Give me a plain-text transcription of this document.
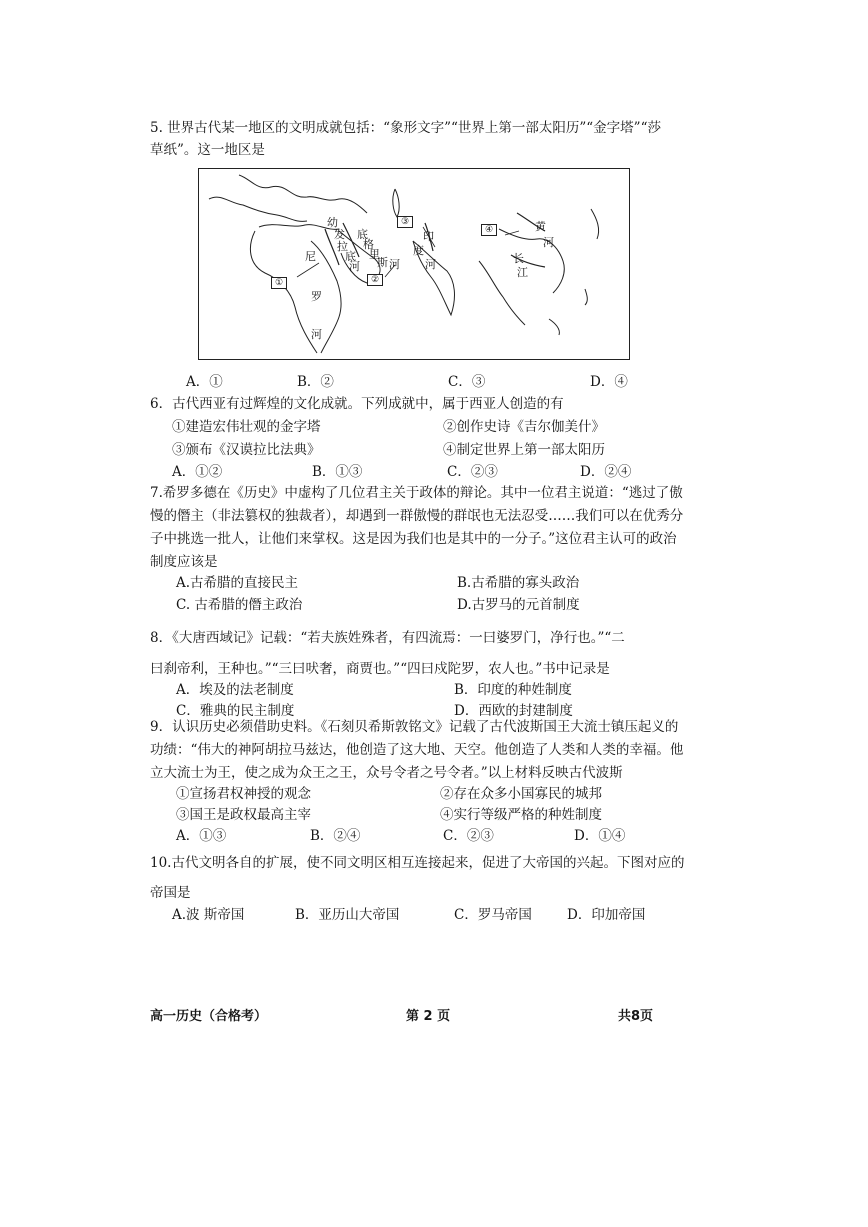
5. 世界古代某一地区的文明成就包括：“象形文字”“世界上第一部太阳历”“金字塔”“莎
草纸”。这一地区是
①	②
③
④
幼
发
拉
底
河
底
格
里
斯 河
尼
罗
河
印
度
河
黄
河
长
江
A．①	B．②	C．③	D．④
6．古代西亚有过辉煌的文化成就。下列成就中，属于西亚人创造的有
①建造宏伟壮观的金字塔	②创作史诗《吉尔伽美什》
③颁布《汉谟拉比法典》	④制定世界上第一部太阳历
A．①②	B．①③	C．②③	D．②④
7.希罗多德在《历史》中虚构了几位君主关于政体的辩论。其中一位君主说道：“逃过了傲
慢的僭主（非法篡权的独裁者），却遇到一群傲慢的群氓也无法忍受……我们可以在优秀分
子中挑选一批人，让他们来掌权。这是因为我们也是其中的一分子。”这位君主认可的政治
制度应该是
A.古希腊的直接民主	B.古希腊的寡头政治
C. 古希腊的僭主政治	D.古罗马的元首制度
8．《大唐西域记》记载：“若夫族姓殊者，有四流焉：一曰婆罗门，净行也。”“二
曰刹帝利，王种也。”“三曰吠奢，商贾也。”“四曰戍陀罗，农人也。”书中记录是
A．埃及的法老制度	B．印度的种姓制度
C．雅典的民主制度	D．西欧的封建制度
9．认识历史必须借助史料。《石刻贝希斯敦铭文》记载了古代波斯国王大流士镇压起义的
功绩：“伟大的神阿胡拉马兹达，他创造了这大地、天空。他创造了人类和人类的幸福。他
立大流士为王，使之成为众王之王，众号令者之号令者。”以上材料反映古代波斯
①宣扬君权神授的观念	②存在众多小国寡民的城邦
③国王是政权最高主宰	④实行等级严格的种姓制度
A．①③	B．②④	C．②③	D．①④
10.古代文明各自的扩展，使不同文明区相互连接起来，促进了大帝国的兴起。下图对应的
帝国是
A.波 斯帝国	B．亚历山大帝国	C．罗马帝国	D．印加帝国
高一历史（合格考）	第 2 页	共8页
